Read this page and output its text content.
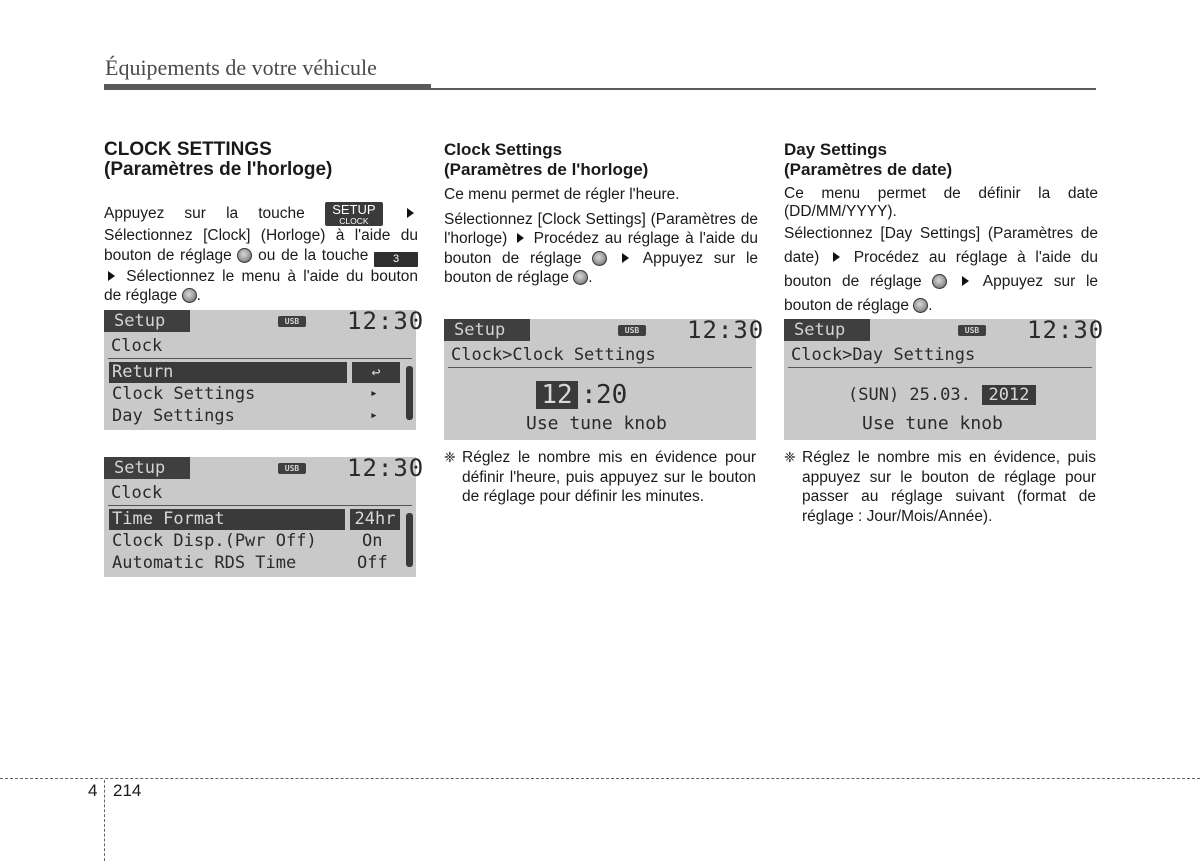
Équipements de votre véhicule
CLOCK SETTINGS
(Paramètres de l'horloge)
Appuyez sur la touche	SETUP
CLOCK
Sélectionnez [Clock] (Horloge) à l'aide du bouton de réglage ou de la touche 3  Sélectionnez le menu à l'aide du bouton de réglage .
Setup	USB 12:30
Clock
Return	↩
Clock Settings	▸
Day Settings	▸
Setup	USB 12:30
Clock
Time Format	24hr
Clock Disp.(Pwr Off)	On
Automatic RDS Time	Off
Clock Settings
(Paramètres de l'horloge)
Ce menu permet de régler l'heure.
Sélectionnez [Clock Settings] (Paramètres de l'horloge) Procédez au réglage à l'aide du bouton de réglage	Appuyez sur le bouton de réglage .
Setup	USB 12:30
Clock>Clock Settings
12 : 20
Use tune knob
❈ Réglez le nombre mis en évidence pour définir l'heure, puis appuyez sur le bouton de réglage pour définir les minutes.
Day Settings
(Paramètres de date)
Ce menu permet de définir la date (DD/MM/YYYY).
Sélectionnez [Day Settings] (Paramètres de date) Procédez au réglage à l'aide du bouton de réglage	Appuyez sur le bouton de réglage .
Setup	USB 12:30
Clock>Day Settings
(SUN) 25.03.	2012
Use tune knob
❈ Réglez le nombre mis en évidence, puis appuyez sur le bouton de réglage pour passer au réglage suivant (format de réglage : Jour/Mois/Année).
4 214
